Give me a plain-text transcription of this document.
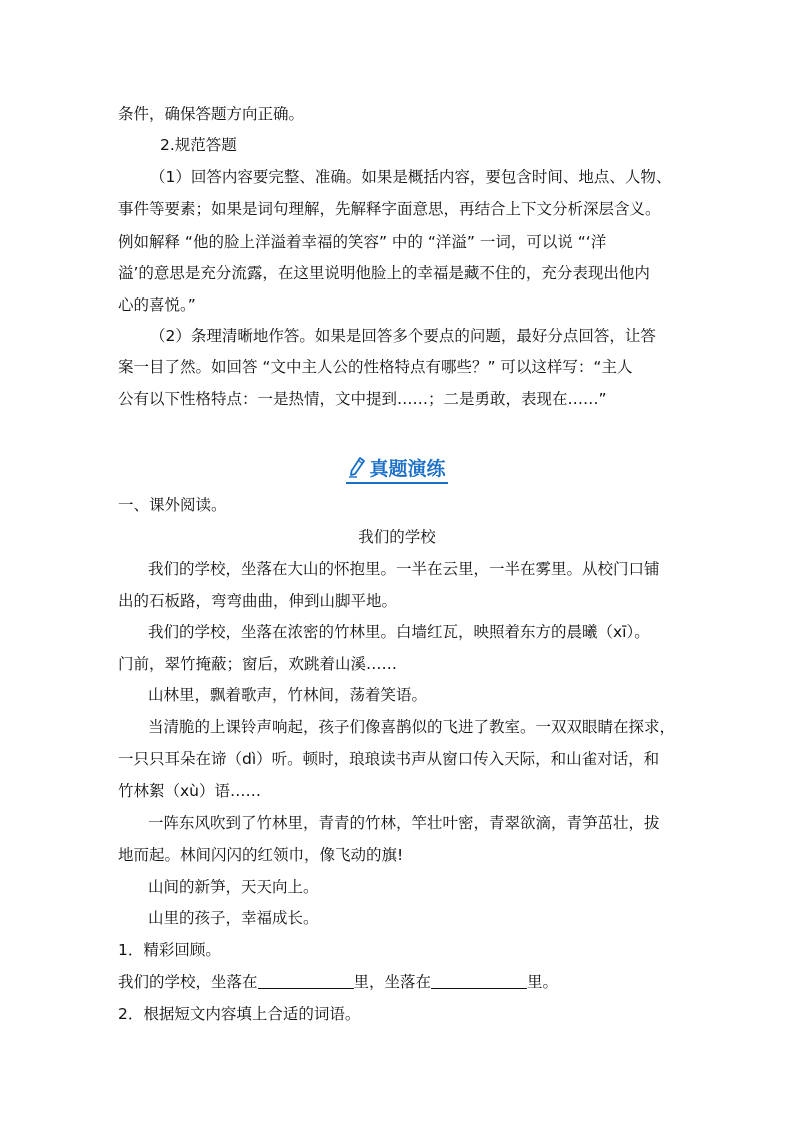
条件，确保答题方向正确。
2.规范答题
（1）回答内容要完整、准确。如果是概括内容，要包含时间、地点、人物、
事件等要素；如果是词句理解，先解释字面意思，再结合上下文分析深层含义。
例如解释 “他的脸上洋溢着幸福的笑容” 中的 “洋溢” 一词，可以说 “‘洋
溢’的意思是充分流露，在这里说明他脸上的幸福是藏不住的，充分表现出他内
心的喜悦。”
（2）条理清晰地作答。如果是回答多个要点的问题，最好分点回答，让答
案一目了然。如回答 “文中主人公的性格特点有哪些？” 可以这样写：“主人
公有以下性格特点：一是热情，文中提到……；二是勇敢，表现在……”
真题演练
一、课外阅读。
我们的学校
我们的学校，坐落在大山的怀抱里。一半在云里，一半在雾里。从校门口铺
出的石板路，弯弯曲曲，伸到山脚平地。
我们的学校，坐落在浓密的竹林里。白墙红瓦，映照着东方的晨曦（xī）。
门前，翠竹掩蔽；窗后，欢跳着山溪……
山林里，飘着歌声，竹林间，荡着笑语。
当清脆的上课铃声响起，孩子们像喜鹊似的飞进了教室。一双双眼睛在探求，
一只只耳朵在谛（dì）听。顿时，琅琅读书声从窗口传入天际，和山雀对话，和
竹林絮（xù）语……
一阵东风吹到了竹林里，青青的竹林，竿壮叶密，青翠欲滴，青笋茁壮，拔
地而起。林间闪闪的红领巾，像飞动的旗!
山间的新笋，天天向上。
山里的孩子，幸福成长。
1．精彩回顾。
我们的学校，坐落在	里，坐落在	里。
2．根据短文内容填上合适的词语。
